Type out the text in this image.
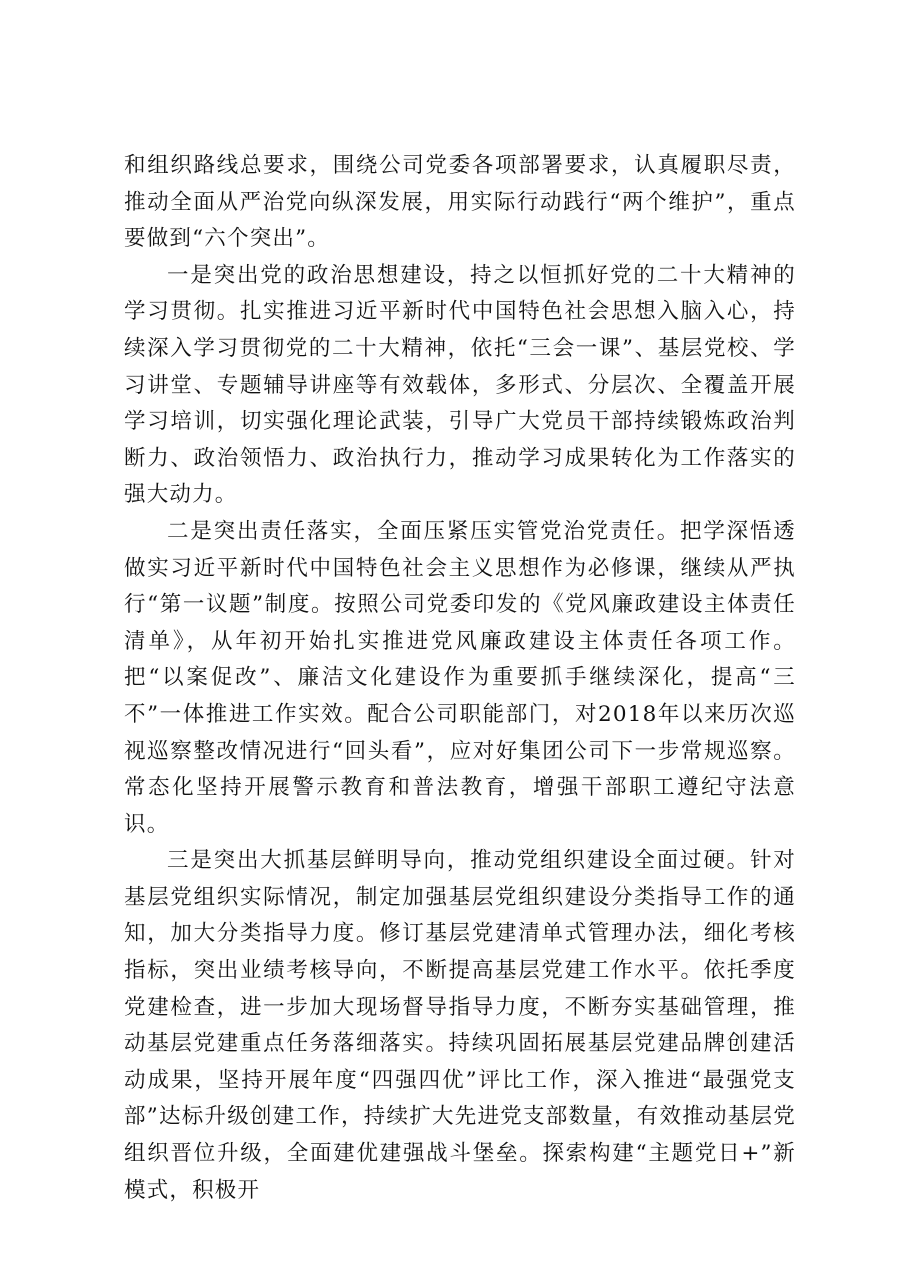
和组织路线总要求，围绕公司党委各项部署要求，认真履职尽责，推动全面从严治党向纵深发展，用实际行动践行“两个维护”，重点要做到“六个突出”。

一是突出党的政治思想建设，持之以恒抓好党的二十大精神的学习贯彻。扎实推进习近平新时代中国特色社会思想入脑入心，持续深入学习贯彻党的二十大精神，依托“三会一课”、基层党校、学习讲堂、专题辅导讲座等有效载体，多形式、分层次、全覆盖开展学习培训，切实强化理论武装，引导广大党员干部持续锻炼政治判断力、政治领悟力、政治执行力，推动学习成果转化为工作落实的强大动力。

二是突出责任落实，全面压紧压实管党治党责任。把学深悟透做实习近平新时代中国特色社会主义思想作为必修课，继续从严执行“第一议题”制度。按照公司党委印发的《党风廉政建设主体责任清单》，从年初开始扎实推进党风廉政建设主体责任各项工作。把“以案促改”、廉洁文化建设作为重要抓手继续深化，提高“三不”一体推进工作实效。配合公司职能部门，对2018年以来历次巡视巡察整改情况进行“回头看”，应对好集团公司下一步常规巡察。常态化坚持开展警示教育和普法教育，增强干部职工遵纪守法意识。

三是突出大抓基层鲜明导向，推动党组织建设全面过硬。针对基层党组织实际情况，制定加强基层党组织建设分类指导工作的通知，加大分类指导力度。修订基层党建清单式管理办法，细化考核指标，突出业绩考核导向，不断提高基层党建工作水平。依托季度党建检查，进一步加大现场督导指导力度，不断夯实基础管理，推动基层党建重点任务落细落实。持续巩固拓展基层党建品牌创建活动成果，坚持开展年度“四强四优”评比工作，深入推进“最强党支部”达标升级创建工作，持续扩大先进党支部数量，有效推动基层党组织晋位升级，全面建优建强战斗堡垒。探索构建“主题党日+”新模式，积极开
